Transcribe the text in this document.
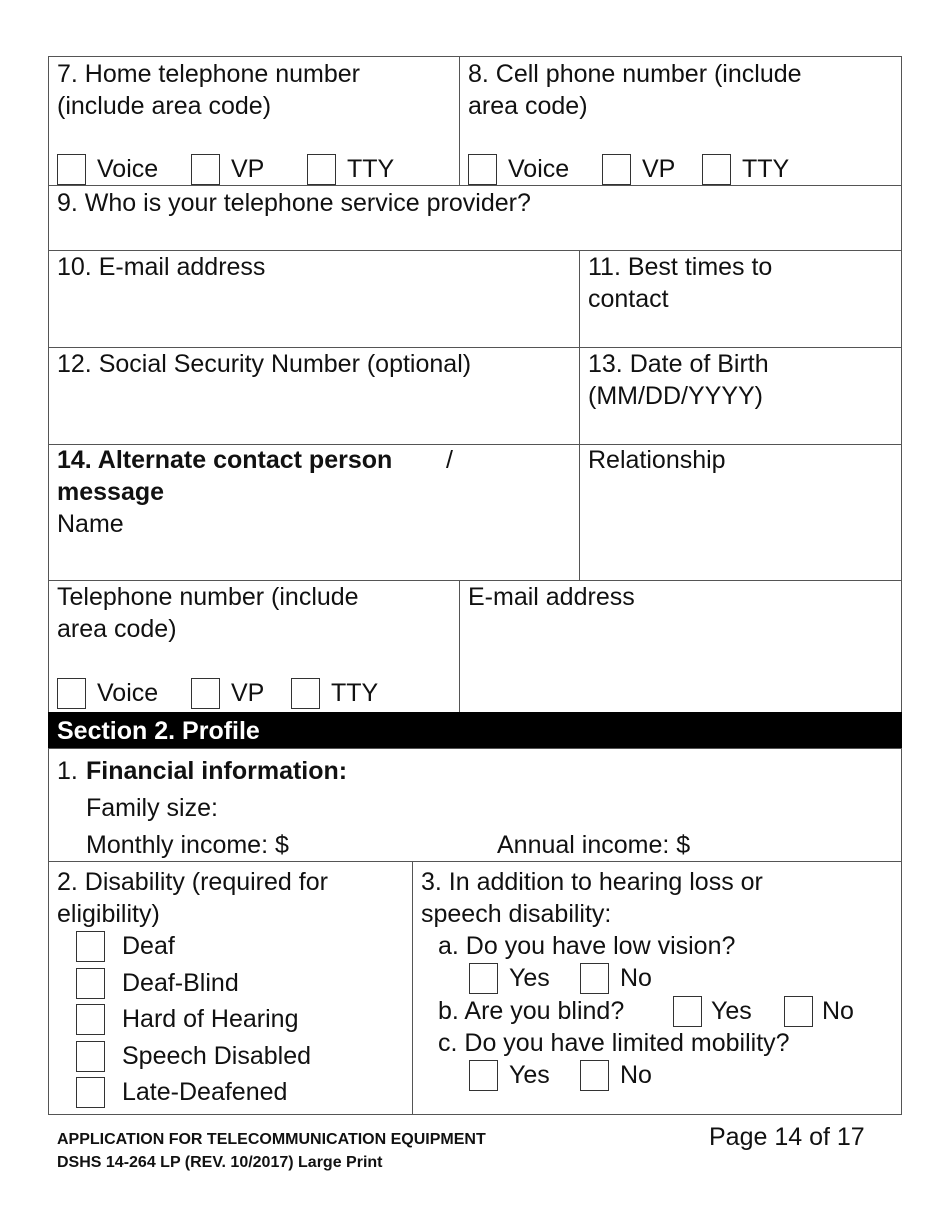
7. Home telephone number
(include area code)
Voice	VP	TTY
8. Cell phone number (include
area code)
Voice	VP	TTY
9. Who is your telephone service provider?
10. E-mail address	11. Best times to
contact
12. Social Security Number (optional)	13. Date of Birth
(MM/DD/YYYY)
14. Alternate contact person /
message
Name
Relationship
Telephone number (include
area code)
Voice	VP	TTY
E-mail address
Section 2. Profile
1. Financial information:
Family size:
Monthly income: $	Annual income: $
2. Disability (required for
eligibility)
Deaf
Deaf-Blind
Hard of Hearing
Speech Disabled
Late-Deafened
3. In addition to hearing loss or
speech disability:
a. Do you have low vision?
Yes	No
b. Are you blind?	Yes	No
c. Do you have limited mobility?
Yes	No
APPLICATION FOR TELECOMMUNICATION EQUIPMENT
DSHS 14-264 LP (REV. 10/2017) Large Print
Page 14 of 17
